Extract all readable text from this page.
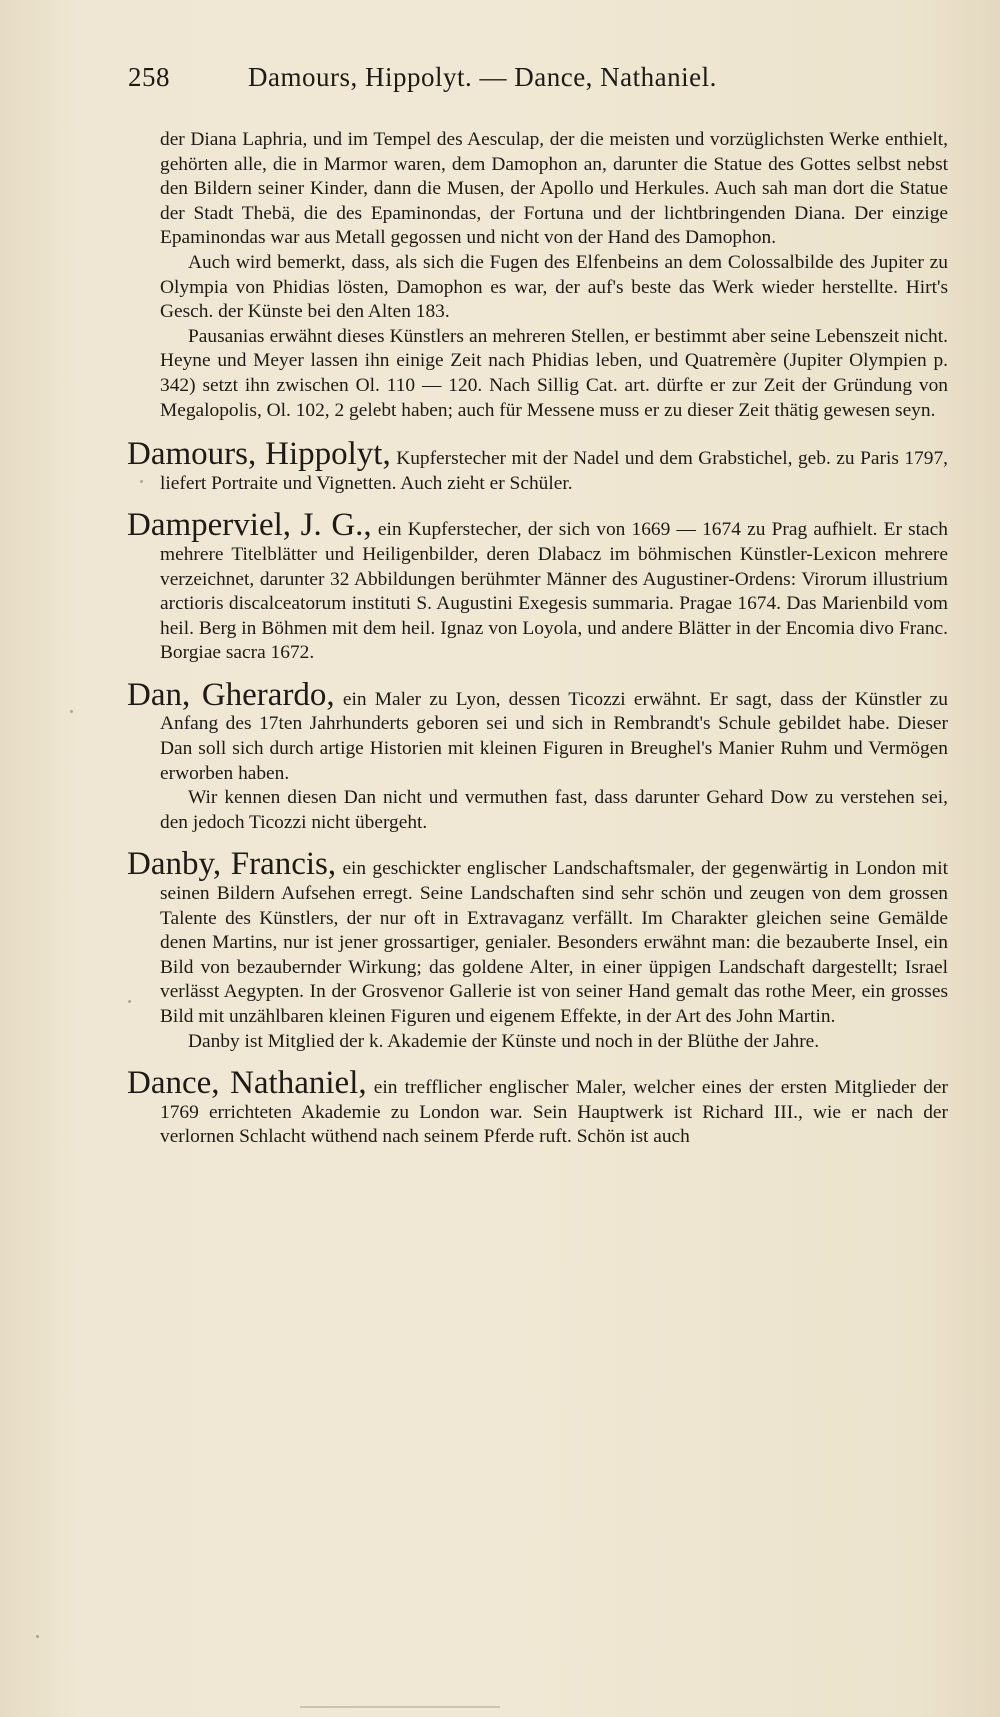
258	Damours, Hippolyt. — Dance, Nathaniel.

der Diana Laphria, und im Tempel des Aesculap, der die meisten und vorzüglichsten Werke enthielt, gehörten alle, die in Marmor waren, dem Damophon an, darunter die Statue des Gottes selbst nebst den Bildern seiner Kinder, dann die Musen, der Apollo und Herkules. Auch sah man dort die Statue der Stadt Thebä, die des Epaminondas, der Fortuna und der lichtbringenden Diana. Der einzige Epaminondas war aus Metall gegossen und nicht von der Hand des Damophon.

Auch wird bemerkt, dass, als sich die Fugen des Elfenbeins an dem Colossalbilde des Jupiter zu Olympia von Phidias lösten, Damophon es war, der auf's beste das Werk wieder herstellte. Hirt's Gesch. der Künste bei den Alten 183.

Pausanias erwähnt dieses Künstlers an mehreren Stellen, er bestimmt aber seine Lebenszeit nicht. Heyne und Meyer lassen ihn einige Zeit nach Phidias leben, und Quatremère (Jupiter Olympien p. 342) setzt ihn zwischen Ol. 110 — 120. Nach Sillig Cat. art. dürfte er zur Zeit der Gründung von Megalopolis, Ol. 102, 2 gelebt haben; auch für Messene muss er zu dieser Zeit thätig gewesen seyn.

Damours, Hippolyt, Kupferstecher mit der Nadel und dem Grabstichel, geb. zu Paris 1797, liefert Portraite und Vignetten. Auch zieht er Schüler.

Damperviel, J. G., ein Kupferstecher, der sich von 1669 — 1674 zu Prag aufhielt. Er stach mehrere Titelblätter und Heiligenbilder, deren Dlabacz im böhmischen Künstler-Lexicon mehrere verzeichnet, darunter 32 Abbildungen berühmter Männer des Augustiner-Ordens: Virorum illustrium arctioris discalceatorum instituti S. Augustini Exegesis summaria. Pragae 1674. Das Marienbild vom heil. Berg in Böhmen mit dem heil. Ignaz von Loyola, und andere Blätter in der Encomia divo Franc. Borgiae sacra 1672.

Dan, Gherardo, ein Maler zu Lyon, dessen Ticozzi erwähnt. Er sagt, dass der Künstler zu Anfang des 17ten Jahrhunderts geboren sei und sich in Rembrandt's Schule gebildet habe. Dieser Dan soll sich durch artige Historien mit kleinen Figuren in Breughel's Manier Ruhm und Vermögen erworben haben.

Wir kennen diesen Dan nicht und vermuthen fast, dass darunter Gehard Dow zu verstehen sei, den jedoch Ticozzi nicht übergeht.

Danby, Francis, ein geschickter englischer Landschaftsmaler, der gegenwärtig in London mit seinen Bildern Aufsehen erregt. Seine Landschaften sind sehr schön und zeugen von dem grossen Talente des Künstlers, der nur oft in Extravaganz verfällt. Im Charakter gleichen seine Gemälde denen Martins, nur ist jener grossartiger, genialer. Besonders erwähnt man: die bezauberte Insel, ein Bild von bezaubernder Wirkung; das goldene Alter, in einer üppigen Landschaft dargestellt; Israel verlässt Aegypten. In der Grosvenor Gallerie ist von seiner Hand gemalt das rothe Meer, ein grosses Bild mit unzählbaren kleinen Figuren und eigenem Effekte, in der Art des John Martin.

Danby ist Mitglied der k. Akademie der Künste und noch in der Blüthe der Jahre.

Dance, Nathaniel, ein trefflicher englischer Maler, welcher eines der ersten Mitglieder der 1769 errichteten Akademie zu London war. Sein Hauptwerk ist Richard III., wie er nach der verlornen Schlacht wüthend nach seinem Pferde ruft. Schön ist auch
